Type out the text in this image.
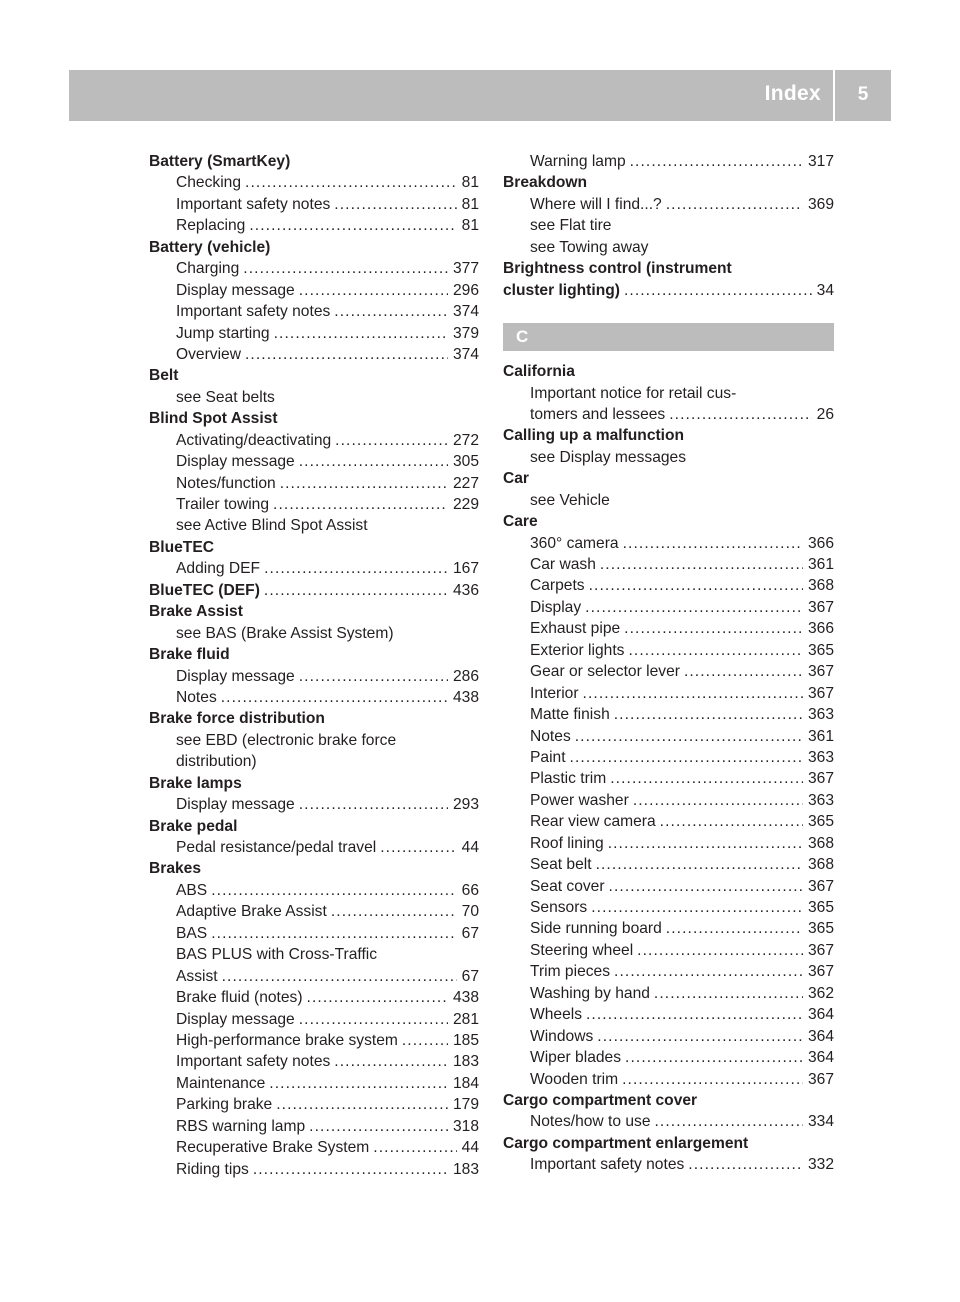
Index	5
Battery (SmartKey)
Checking .....	81
Important safety notes .....	81
Replacing .....	81
Battery (vehicle)
Charging .....	377
Display message .....	296
Important safety notes .....	374
Jump starting .....	379
Overview .....	374
Belt
see Seat belts
Blind Spot Assist
Activating/deactivating .....	272
Display message .....	305
Notes/function .....	227
Trailer towing .....	229
see Active Blind Spot Assist
BlueTEC
Adding DEF .....	167
BlueTEC (DEF) .....	436
Brake Assist
see BAS (Brake Assist System)
Brake fluid
Display message .....	286
Notes .....	438
Brake force distribution
see EBD (electronic brake force
distribution)
Brake lamps
Display message .....	293
Brake pedal
Pedal resistance/pedal travel .....	44
Brakes
ABS .....	66
Adaptive Brake Assist .....	70
BAS .....	67
BAS PLUS with Cross-Traffic
Assist .....	67
Brake fluid (notes) .....	438
Display message .....	281
High-performance brake system .....	185
Important safety notes .....	183
Maintenance .....	184
Parking brake .....	179
RBS warning lamp .....	318
Recuperative Brake System .....	44
Riding tips .....	183
Warning lamp .....	317
Breakdown
Where will I find...? .....	369
see Flat tire
see Towing away
Brightness control (instrument
cluster lighting) .....	34
C
California
Important notice for retail cus-
tomers and lessees .....	26
Calling up a malfunction
see Display messages
Car
see Vehicle
Care
360° camera .....	366
Car wash .....	361
Carpets .....	368
Display .....	367
Exhaust pipe .....	366
Exterior lights .....	365
Gear or selector lever .....	367
Interior .....	367
Matte finish .....	363
Notes .....	361
Paint .....	363
Plastic trim .....	367
Power washer .....	363
Rear view camera .....	365
Roof lining .....	368
Seat belt .....	368
Seat cover .....	367
Sensors .....	365
Side running board .....	365
Steering wheel .....	367
Trim pieces .....	367
Washing by hand .....	362
Wheels .....	364
Windows .....	364
Wiper blades .....	364
Wooden trim .....	367
Cargo compartment cover
Notes/how to use .....	334
Cargo compartment enlargement
Important safety notes .....	332
